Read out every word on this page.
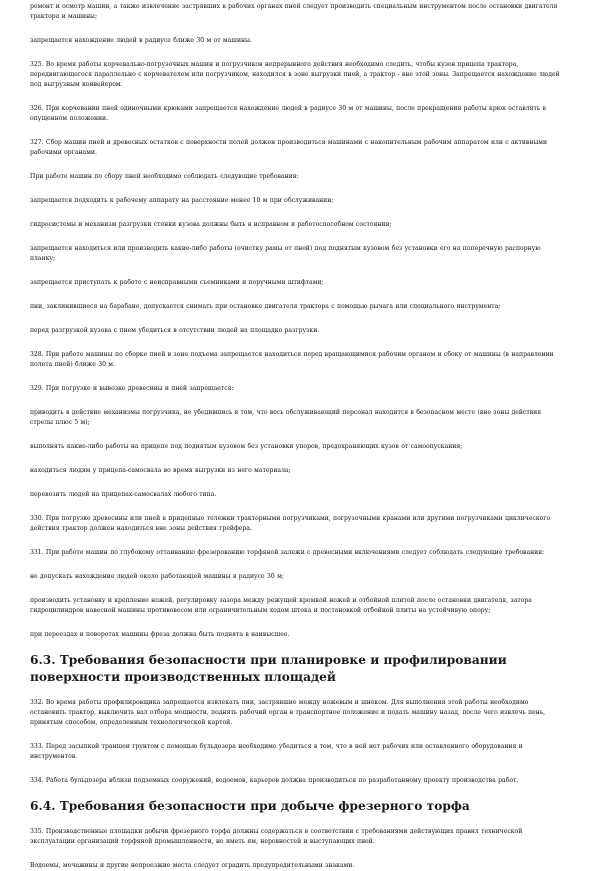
ремонт и осмотр машин, а также извлечение застрявших в рабочих органах пней следует производить специальным инструментом после остановки двигателя трактора и машины;

запрещается нахождение людей в радиусе ближе 30 м от машины.

325. Во время работы корчевально-погрузочных машин и погрузчиков непрерывного действия необходимо следить, чтобы кузов прицепа трактора, передвигающегося параллельно с корчевателем или погрузчиком, находился в зоне выгрузки пней, а трактор - вне этой зоны. Запрещается нахождение людей под выгрузным конвейером.

326. При корчевании пней одиночными крюками запрещается нахождение людей в радиусе 30 м от машины, после прекращения работы крюк оставлять в опущенном положении.

327. Сбор машин пней и древесных остатков с поверхности полей должен производиться машинами с накопительным рабочим аппаратом или с активными рабочими органами.

При работе машин по сбору пней необходимо соблюдать следующие требования:

запрещается подходить к рабочему аппарату на расстояние менее 10 м при обслуживании;

гидросистемы и механизм разгрузки стенки кузова должны быть в исправном и работоспособном состоянии;

запрещается находиться или производить какие-либо работы (очистку рамы от пней) под поднятым кузовом без установки его на поперечную распорную планку;

запрещается приступать к работе с неисправными съемниками и поручными штифтами;

пни, заклинившиеся на барабане, допускается снимать при остановке двигателя трактора с помощью рычага или специального инструмента;

перед разгрузкой кузова с пнем убедиться в отсутствии людей на площадке разгрузки.

328. При работе машины по сборке пней в зоне подъема запрещается находиться перед вращающимися рабочим органом и сбоку от машины (в направлении полета пней) ближе 30 м.

329. При погрузке и вывозке древесины и пней запрещается:

приводить в действие механизмы погрузчика, не убедившись в том, что весь обслуживающий персонал находится в безопасном месте (вне зоны действия стрелы плюс 5 м);

выполнять какие-либо работы на прицепе под поднятым кузовом без установки упоров, предохраняющих кузов от самоопускания;

находиться людям у прицепа-самосвала во время выгрузки из него материала;

перевозить людей на прицепах-самосвалах любого типа.

330. При погрузке древесины или пней в прицепные тележки тракторными погрузчиками, погрузочными кранами или другими погрузчиками циклического действия трактор должен находиться вне зоны действия грейфера.

331. При работе машин по глубокому оттаиванию фрезерованию торфяной залежи с древесными включениями следует соблюдать следующие требования:

не допускать нахождение людей около работающей машины в радиусе 30 м;

производить установку и крепление ножей, регулировку зазора между режущей кромкой ножей и отбойной плитой после остановки двигателя, затора гидроцилиндров навесной машины противовесом или ограничительным ходом штока и постановкой отбойной плиты на устойчивую опору;

при переездах и поворотах машины фреза должна быть поднята в наивысшее.

6.3. Требования безопасности при планировке и профилировании поверхности производственных площадей

332. Во время работы профилировщика запрещается извлекать пни, застрявшие между ножевым и шнеком. Для выполнения этой работы необходимо остановить трактор, выключить вал отбора мощности, поднять рабочий орган в транспортное положение и подать машину назад, после чего извлечь пень, принятым способом, определенным технологической картой.

333. Перед засыпкой траншеи грунтом с помощью бульдозера необходимо убедиться в том, что в ней нет рабочих или оставленного оборудования и инструментов.

334. Работа бульдозера вблизи подземных сооружений, водоемов, карьеров должна производиться по разработанному проекту производства работ.

6.4. Требования безопасности при добыче фрезерного торфа

335. Производственные площадки добычи фрезерного торфа должны содержаться в соответствии с требованиями действующих правил технической эксплуатации организаций торфяной промышленности, не иметь ям, неровностей и выступающих пней.

Водоемы, мочажины и другие непроезжие места следует оградить предупредительными знаками.
